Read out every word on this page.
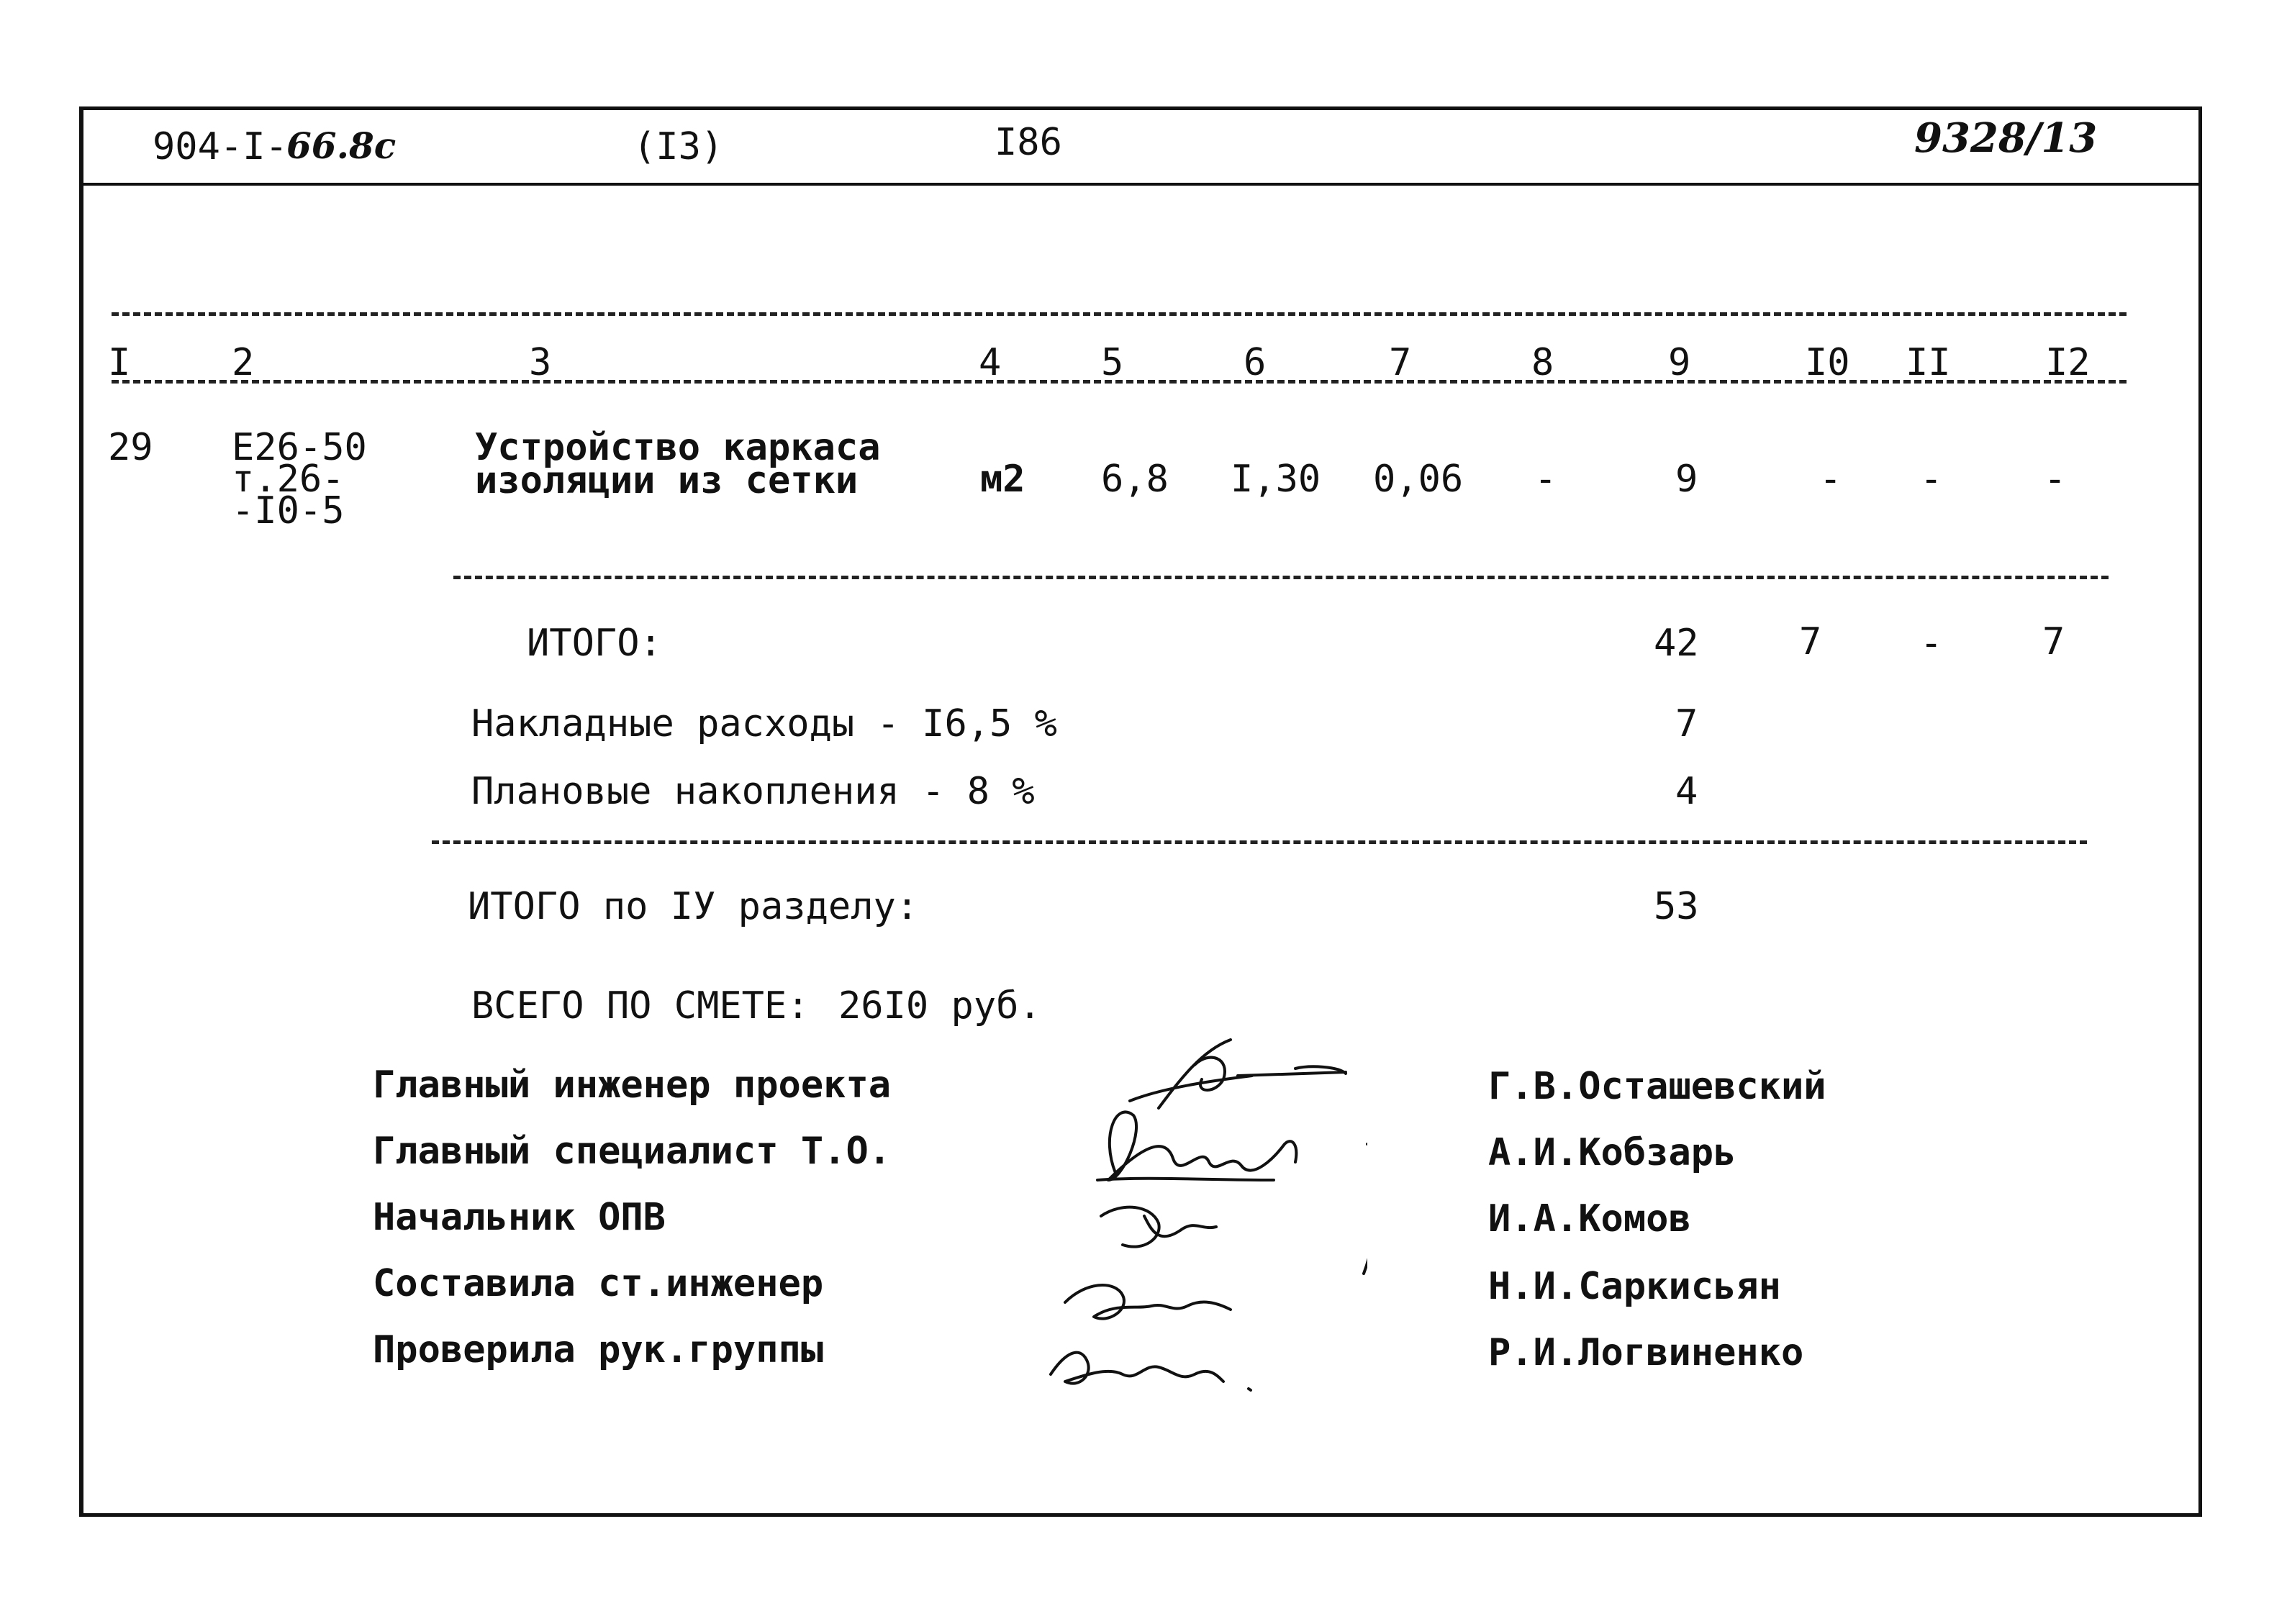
904-I-
66.8c	(I3)	I86	9328/13
I	2	3	4	5	6	7	8	9	I0 II	I2
29 Е26-50
т.26-
-I0-5
Устройство каркаса
изоляции из сетки	м2 6,8 I,30 0,06 -	9	- -	-
ИТОГО:	42	7	-	7
Накладные расходы - I6,5 %	7
Плановые накопления - 8 %	4
ИТОГО по IУ разделу:	53
ВСЕГО ПО СМЕТЕ: 26I0 руб.
Главный инженер проекта	Г.В.Осташевский
Главный специалист Т.О.	А.И.Кобзарь
Начальник ОПВ	И.А.Комов
Составила ст.инженер	Н.И.Саркисьян
Проверила рук.группы	Р.И.Логвиненко
